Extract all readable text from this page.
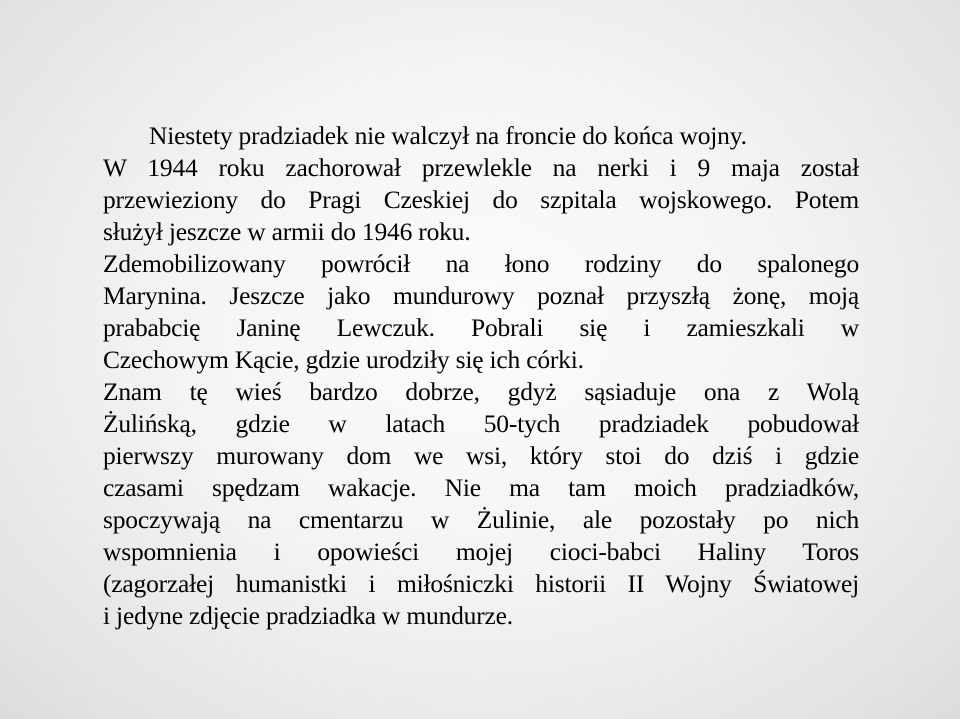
Niestety pradziadek nie walczył na froncie do końca wojny.
W 1944 roku zachorował przewlekle na nerki i 9 maja został
przewieziony do Pragi Czeskiej do szpitala wojskowego. Potem
służył jeszcze w armii do 1946 roku.
Zdemobilizowany powrócił na łono rodziny do spalonego
Marynina. Jeszcze jako mundurowy poznał przyszłą żonę, moją
prababcię Janinę Lewczuk. Pobrali się i zamieszkali w
Czechowym Kącie, gdzie urodziły się ich córki.
Znam tę wieś bardzo dobrze, gdyż sąsiaduje ona z Wolą
Żulińską, gdzie w latach 50-tych pradziadek pobudował
pierwszy murowany dom we wsi, który stoi do dziś i gdzie
czasami spędzam wakacje. Nie ma tam moich pradziadków,
spoczywają na cmentarzu w Żulinie, ale pozostały po nich
wspomnienia i opowieści mojej cioci-babci Haliny Toros
(zagorzałej humanistki i miłośniczki historii II Wojny Światowej
i jedyne zdjęcie pradziadka w mundurze.
